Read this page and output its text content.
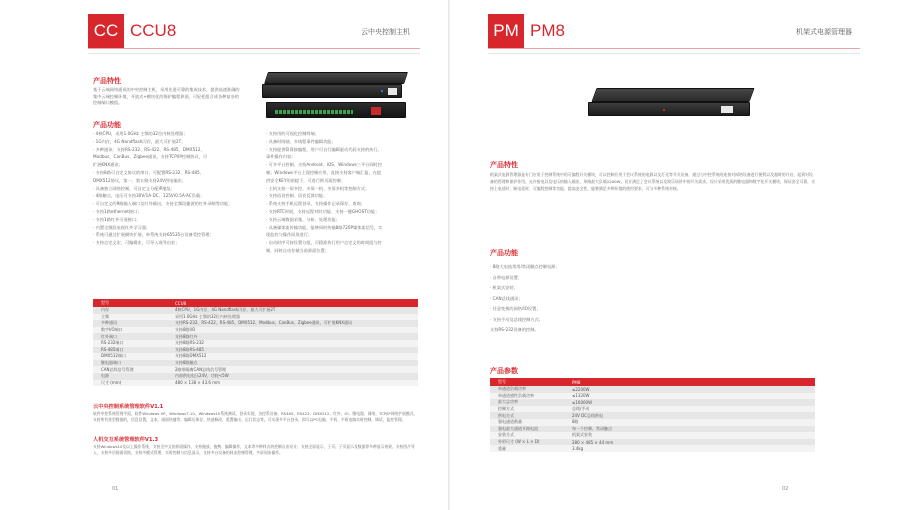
CC CCU8	云中央控制主机
产品特性
基于云端网络通讯的中央控制主机，采用先进可靠的集成技术，提供高速准确的集中云端控制环境，开放式+模块化的保护编程界面，可轻松组合成各种复杂的控制端口模组。
产品功能
· 4核CPU，采用1.0GHz 主频的32位内核处理器；
· 1G内存，4G Nandflash闪存，最大可扩展2T；
· 多种通讯：支持RS-232、RS-422、RS-485、DMX512、
Modbus、CanBus、Zigbee通讯，支持TCP/IP控制协议，可
扩展KNX通讯；
· 支持8路可自定义协议的串口，可配置RS-232、RS-485、
DMX512协议，第一、第五路支持24V供电输出；
· 具备独立网络控制，可自定义分配IP地址；
· 4路触点，电压可支持30V/1A-DC、125V/0.5A-AC负载；
· 可自定义的9路输入端口及红外输出，支持全频段捷波的红外录制等功能；
· 支持1路ethernet接口；
· 支持1路红外可遥接口；
· 内置全频段电视红外学习器；
· 系统可通过扩展模块扩展，单系统支持65535台设备受控管理；
· 支持自定义宏，可编辑宏，可导入或导出宏；
· 支持用的可视化控制终端；
· 具备时间轴、多线程事件编辑功能；
· 支持提供算算接编程，用户可自行编辑驱动代码支持的执行。
事件操作内容；
· 可多平台控制，支持Android、IOS、Windows三平台同时控
制；Windows平台上现控制应用，直接支持客户端汇报，在提
供安全KEY的前提下，可进行跨页面控制；
· 主机支持一屏多控、多屏一机、多屏多机等控制方式；
· 支持语音控制、语音反馈功能；
· 系统支持手机远程登录，支持操作记录保存、查询；
· 支持RTC时间，支持远程对时功能、支持一键GHOST功能；
· 支持云端数据采集、分析、处理功能；
· 具备媒体流传输功能，能够同时传输8路720P媒体流信号，实
现监控与操作同屏进行；
· 启动时序可按设置分组，可精准执行用户自定义的时间组与控
制，同时自动存储当前界面位置；
型号	CCU8
内存	4核CPU，1G内存，4G Nandflash闪存，最大可扩展2T
主频	采用1.0GHz 主频的32位内核处理器
多种通讯	支持RS-232、RS-422、RS-485、DMX512、Modbus、CanBus、Zigbee通讯，可扩展KNX通讯
数字I/O端口	支持8路I/O
红外端口	支持8路红外
RS-232端口	支持8路RS-232
RS-485端口	支持8路RS-485
DMX512端口	支持8路DMX512
继电器端口	支持8路触点
CAN总线信号管理	2路带隔离CAN总线信号管理
电源	内部供电电压24V，功耗<5W
尺寸 (mm)	480 × 138 × 43.6 mm
云中央控制系统管理软件V1.1
软件中控系统管理平面，软件Windows XP、Windows7-10、Windows10系统测试，登录实现，各控系设备、RS485、RS422、DMX512、红外、IO、继电器、网络、TCP/IP网络扩展模式、支持所有类型数据的，信息设置，文本，画面快捷等，编辑后保存、快速修改，重置输出、运行状态等。可实现多平台登录，即可以PC电脑，手机、平板电脑实时控制，调试，监控管理。
人机交互系统管理软件V1.3
支持Windows10及以上操作系统，支持全中文的界面操作，支持拖放，拖拽、编辑操作，文本等多种样式的控制自由设计，支持全屏显示，子页、子页显示及数据等多种显示效果，支持图片导入，支持多层画面切换，支持多模式管理，实时控制与信息显示，支持多台设备的同步控制管理，多屏同步操作。
01
PM PM8	机架式电源管理器
产品特性
机架式电源管理器是专门应用于控制系统中的可编程开关模块，可以控制应用于会议系统的电源以及灯光等开关设备，通过与中控系统的连接对网络设备进行便利以及超时的开启，起到对设备的管理和保护作用。允许接电以及电压的输入输出，单路最大负载2200W，设计满足了会议系统以及娱乐场所中的开关需求。设计采用优质的继电器和数字化开关模块，保证安全可靠，支持上电延时、断电延时、可编程控制等功能，提高安全性，能够满足多种环境的使用要求，可与多种系统对接。
产品功能
· 8路大电流常用/常闭触点控制电源；
· 自带电源设置；
· 机架式安装；
· CAN总线通讯；
· 任意变换的网络/IO设置；
· 支持手动及总线控制方式；
支持RS-232设备的控制。
产品参数
型号	PM8
单通道负载功率	≤2200W
单通道感性负载功率	≤1320W
最大总功率	≤16000W
控制方式	总线/手动
供电方式	24V DC总线供电
强电通道数量	8路
强电最大通道开路电流	每一个控制，常闭触点
安装方式	机架式安装
外形尺寸 (W × L × D)	280 × 485 × 44 mm
重量	3.4kg
02
